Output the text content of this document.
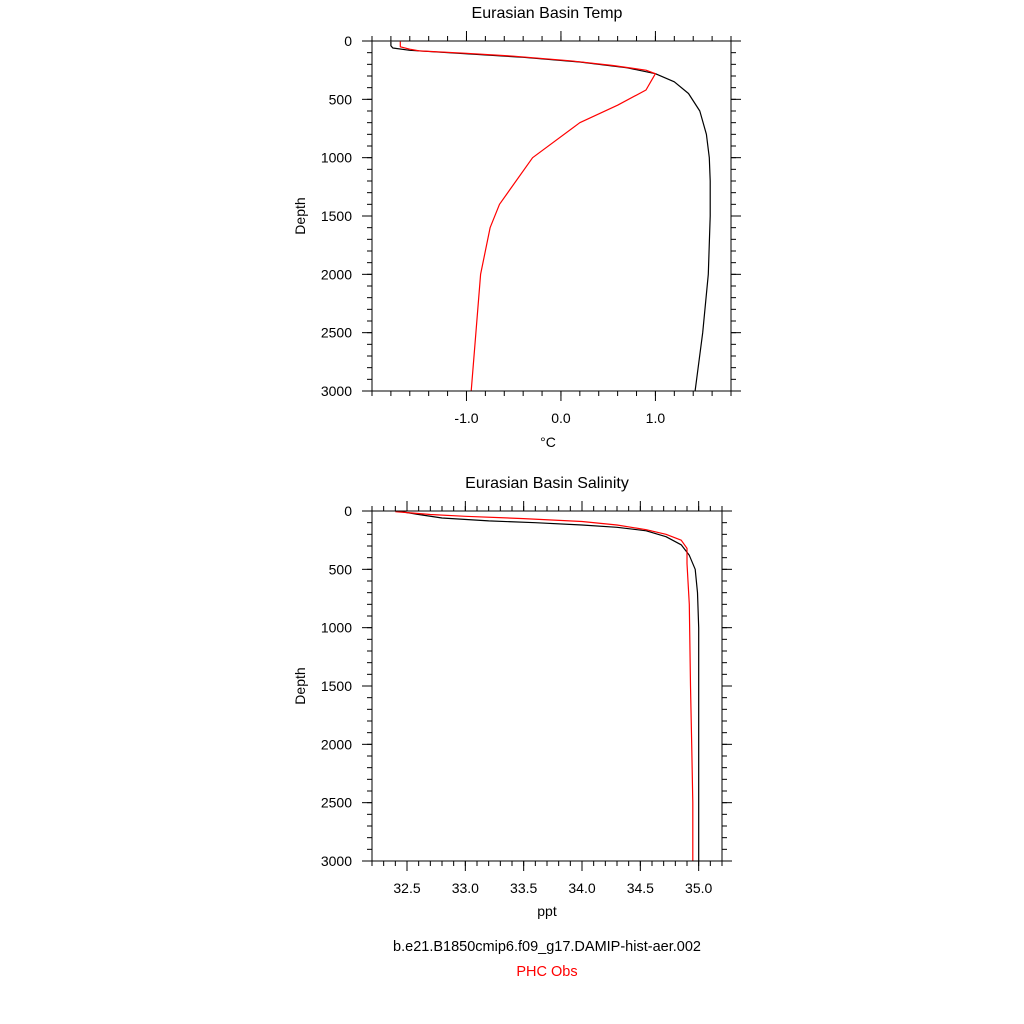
Eurasian Basin Temp
0
500
1000
1500
2000
2500
3000
-1.0	0.0	1.0
°C
Depth
Eurasian Basin Salinity
0
500
1000
1500
2000
2500
3000
32.5 33.0 33.5 34.0 34.5 35.0
ppt
Depth
b.e21.B1850cmip6.f09_g17.DAMIP-hist-aer.002
PHC Obs
